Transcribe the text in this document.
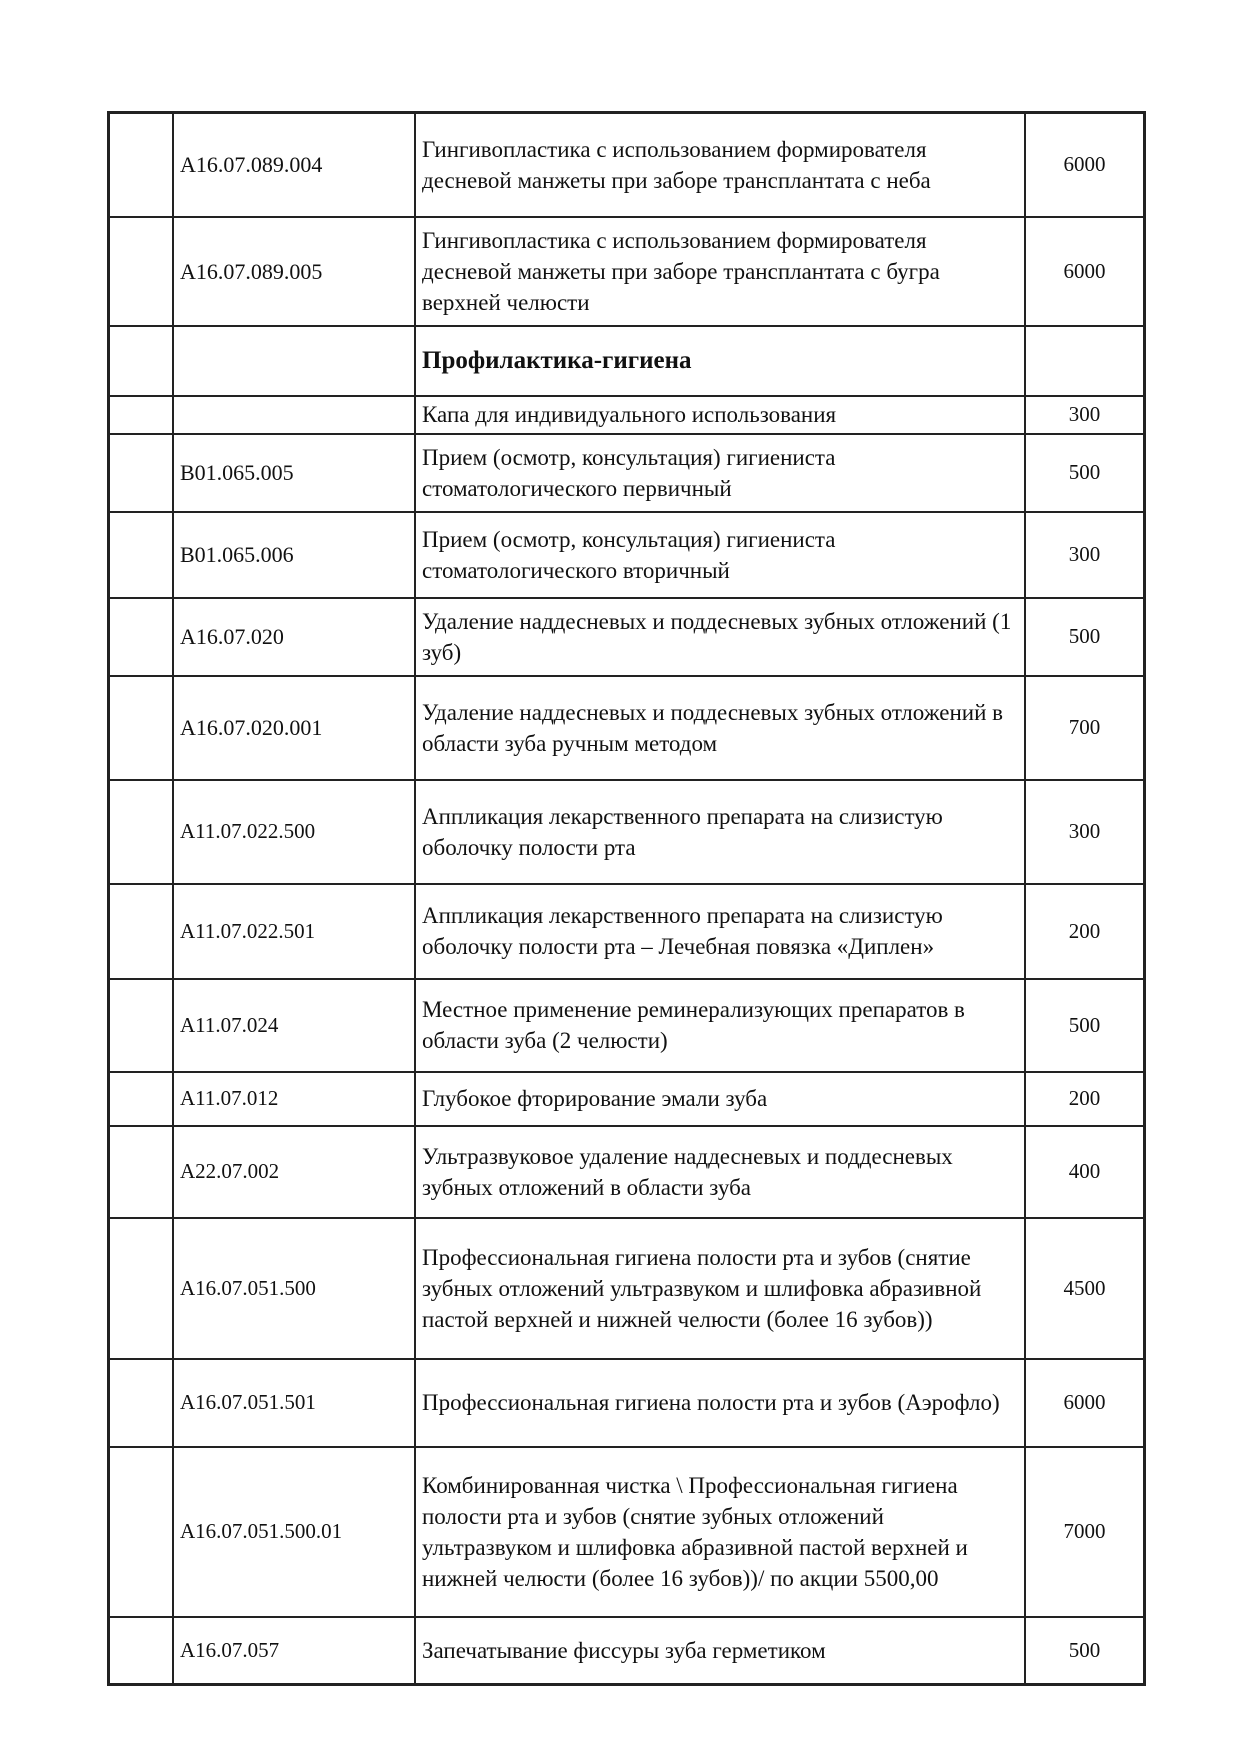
	A16.07.089.004	Гингивопластика с использованием формирователя десневой манжеты при заборе трансплантата с неба	6000
	A16.07.089.005	Гингивопластика с использованием формирователя десневой манжеты при заборе трансплантата с бугра верхней челюсти	6000
		Профилактика-гигиена	
		Капа для индивидуального использования	300
	B01.065.005	Прием (осмотр, консультация) гигиениста стоматологического первичный	500
	B01.065.006	Прием (осмотр, консультация) гигиениста стоматологического вторичный	300
	A16.07.020	Удаление наддесневых и поддесневых зубных отложений (1 зуб)	500
	A16.07.020.001	Удаление наддесневых и поддесневых зубных отложений в области зуба ручным методом	700
	A11.07.022.500	Аппликация лекарственного препарата на слизистую оболочку полости рта	300
	A11.07.022.501	Аппликация лекарственного препарата на слизистую оболочку полости рта – Лечебная повязка «Диплен»	200
	A11.07.024	Местное применение реминерализующих препаратов в области зуба (2 челюсти)	500
	A11.07.012	Глубокое фторирование эмали зуба	200
	A22.07.002	Ультразвуковое удаление наддесневых и поддесневых зубных отложений в области зуба	400
	A16.07.051.500	Профессиональная гигиена полости рта и зубов (снятие зубных отложений ультразвуком и шлифовка абразивной пастой верхней и нижней челюсти (более 16 зубов))	4500
	A16.07.051.501	Профессиональная гигиена полости рта и зубов (Аэрофло)	6000
	A16.07.051.500.01	Комбинированная чистка \ Профессиональная гигиена полости рта и зубов (снятие зубных отложений ультразвуком и шлифовка абразивной пастой верхней и нижней челюсти (более 16 зубов))/ по акции 5500,00	7000
	A16.07.057	Запечатывание фиссуры зуба герметиком	500
